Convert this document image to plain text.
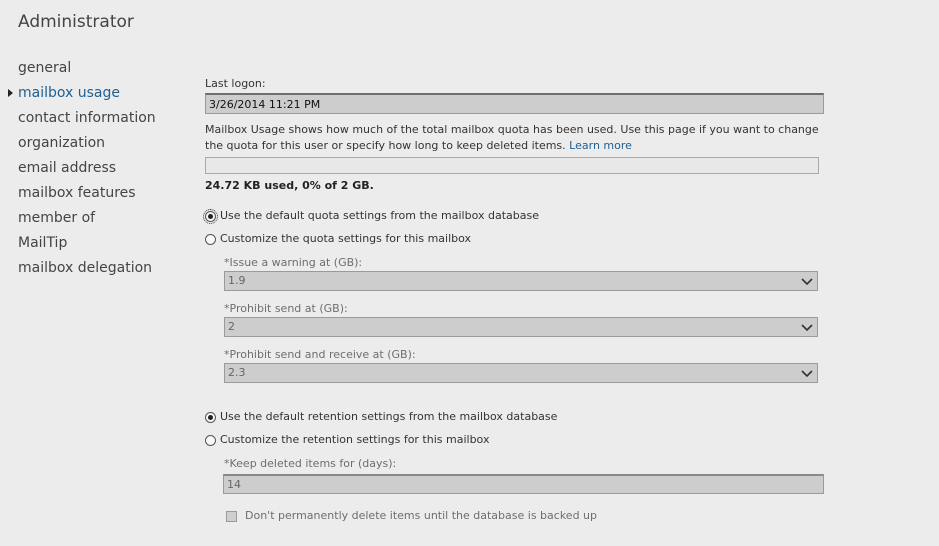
Administrator
general
mailbox usage
contact information
organization
email address
mailbox features
member of
MailTip
mailbox delegation
Last logon:
3/26/2014 11:21 PM
Mailbox Usage shows how much of the total mailbox quota has been used. Use this page if you want to change the quota for this user or specify how long to keep deleted items. Learn more
24.72 KB used, 0% of 2 GB.
Use the default quota settings from the mailbox database
Customize the quota settings for this mailbox
*Issue a warning at (GB):
1.9
*Prohibit send at (GB):
2
*Prohibit send and receive at (GB):
2.3
Use the default retention settings from the mailbox database
Customize the retention settings for this mailbox
*Keep deleted items for (days):
14
Don't permanently delete items until the database is backed up
